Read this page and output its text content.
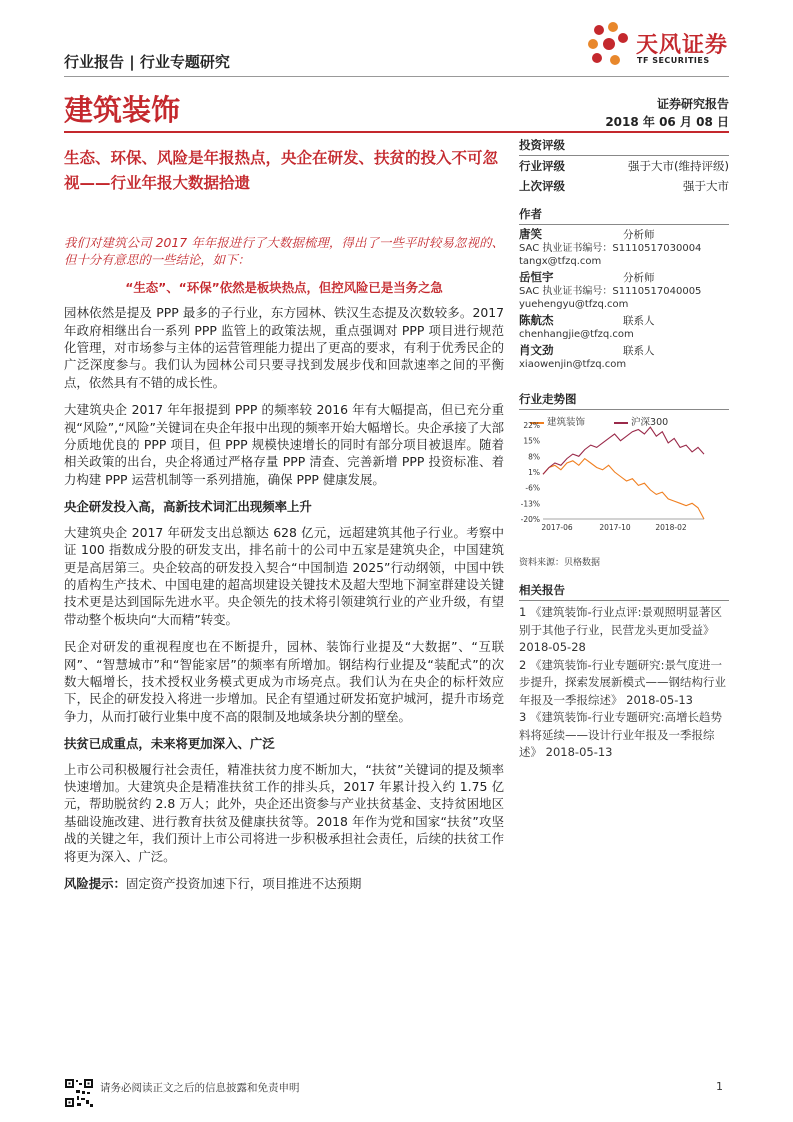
行业报告 | 行业专题研究
天风证券
TF SECURITIES
建筑装饰	证券研究报告
2018 年 06 月 08 日
生态、环保、风险是年报热点，央企在研发、扶贫的投入不可忽视——行业年报大数据拾遗

我们对建筑公司 2017 年年报进行了大数据梳理，得出了一些平时较易忽视的、但十分有意思的一些结论，如下：

“生态”、“环保”依然是板块热点，但控风险已是当务之急

园林依然是提及 PPP 最多的子行业，东方园林、铁汉生态提及次数较多。2017 年政府相继出台一系列 PPP 监管上的政策法规，重点强调对 PPP 项目进行规范化管理，对市场参与主体的运营管理能力提出了更高的要求，有利于优秀民企的广泛深度参与。我们认为园林公司只要寻找到发展步伐和回款速率之间的平衡点，依然具有不错的成长性。

大建筑央企 2017 年年报提到 PPP 的频率较 2016 年有大幅提高，但已充分重视“风险”,“风险”关键词在央企年报中出现的频率开始大幅增长。央企承接了大部分质地优良的 PPP 项目，但 PPP 规模快速增长的同时有部分项目被退库。随着相关政策的出台，央企将通过严格存量 PPP 清查、完善新增 PPP 投资标准、着力构建 PPP 运营机制等一系列措施，确保 PPP 健康发展。

央企研发投入高，高新技术词汇出现频率上升

大建筑央企 2017 年研发支出总额达 628 亿元，远超建筑其他子行业。考察中证 100 指数成分股的研发支出，排名前十的公司中五家是建筑央企，中国建筑更是高居第三。央企较高的研发投入契合“中国制造 2025”行动纲领，中国中铁的盾构生产技术、中国电建的超高坝建设关键技术及超大型地下洞室群建设关键技术更是达到国际先进水平。央企领先的技术将引领建筑行业的产业升级，有望带动整个板块向“大而精”转变。

民企对研发的重视程度也在不断提升，园林、装饰行业提及“大数据”、“互联网”、“智慧城市”和“智能家居”的频率有所增加。钢结构行业提及“装配式”的次数大幅增长，技术授权业务模式更成为市场亮点。我们认为在央企的标杆效应下，民企的研发投入将进一步增加。民企有望通过研发拓宽护城河，提升市场竞争力，从而打破行业集中度不高的限制及地域条块分割的壁垒。

扶贫已成重点，未来将更加深入、广泛

上市公司积极履行社会责任，精准扶贫力度不断加大，“扶贫”关键词的提及频率快速增加。大建筑央企是精准扶贫工作的排头兵，2017 年累计投入约 1.75 亿元，帮助脱贫约 2.8 万人；此外，央企还出资参与产业扶贫基金、支持贫困地区基础设施改建、进行教育扶贫及健康扶贫等。2018 年作为党和国家“扶贫”攻坚战的关键之年，我们预计上市公司将进一步积极承担社会责任，后续的扶贫工作将更为深入、广泛。

风险提示：固定资产投资加速下行，项目推进不达预期

投资评级
行业评级	强于大市(维持评级)
上次评级	强于大市
作者
唐笑	分析师
SAC 执业证书编号：S1110517030004
tangx@tfzq.com
岳恒宇	分析师
SAC 执业证书编号：S1110517040005
yuehengyu@tfzq.com
陈航杰	联系人
chenhangjie@tfzq.com
肖文劲	联系人
xiaowenjin@tfzq.com
行业走势图
建筑装饰	沪深300
22%
15%
8%
1%
-6%
-13%
-20%
2017-06	2017-10	2018-02
资料来源：贝格数据
相关报告
1 《建筑装饰-行业点评:景观照明显著区别于其他子行业，民营龙头更加受益》 2018-05-28
2 《建筑装饰-行业专题研究:景气度进一步提升，探索发展新模式——钢结构行业年报及一季报综述》 2018-05-13
3 《建筑装饰-行业专题研究:高增长趋势料将延续——设计行业年报及一季报综述》 2018-05-13
请务必阅读正文之后的信息披露和免责申明	1
